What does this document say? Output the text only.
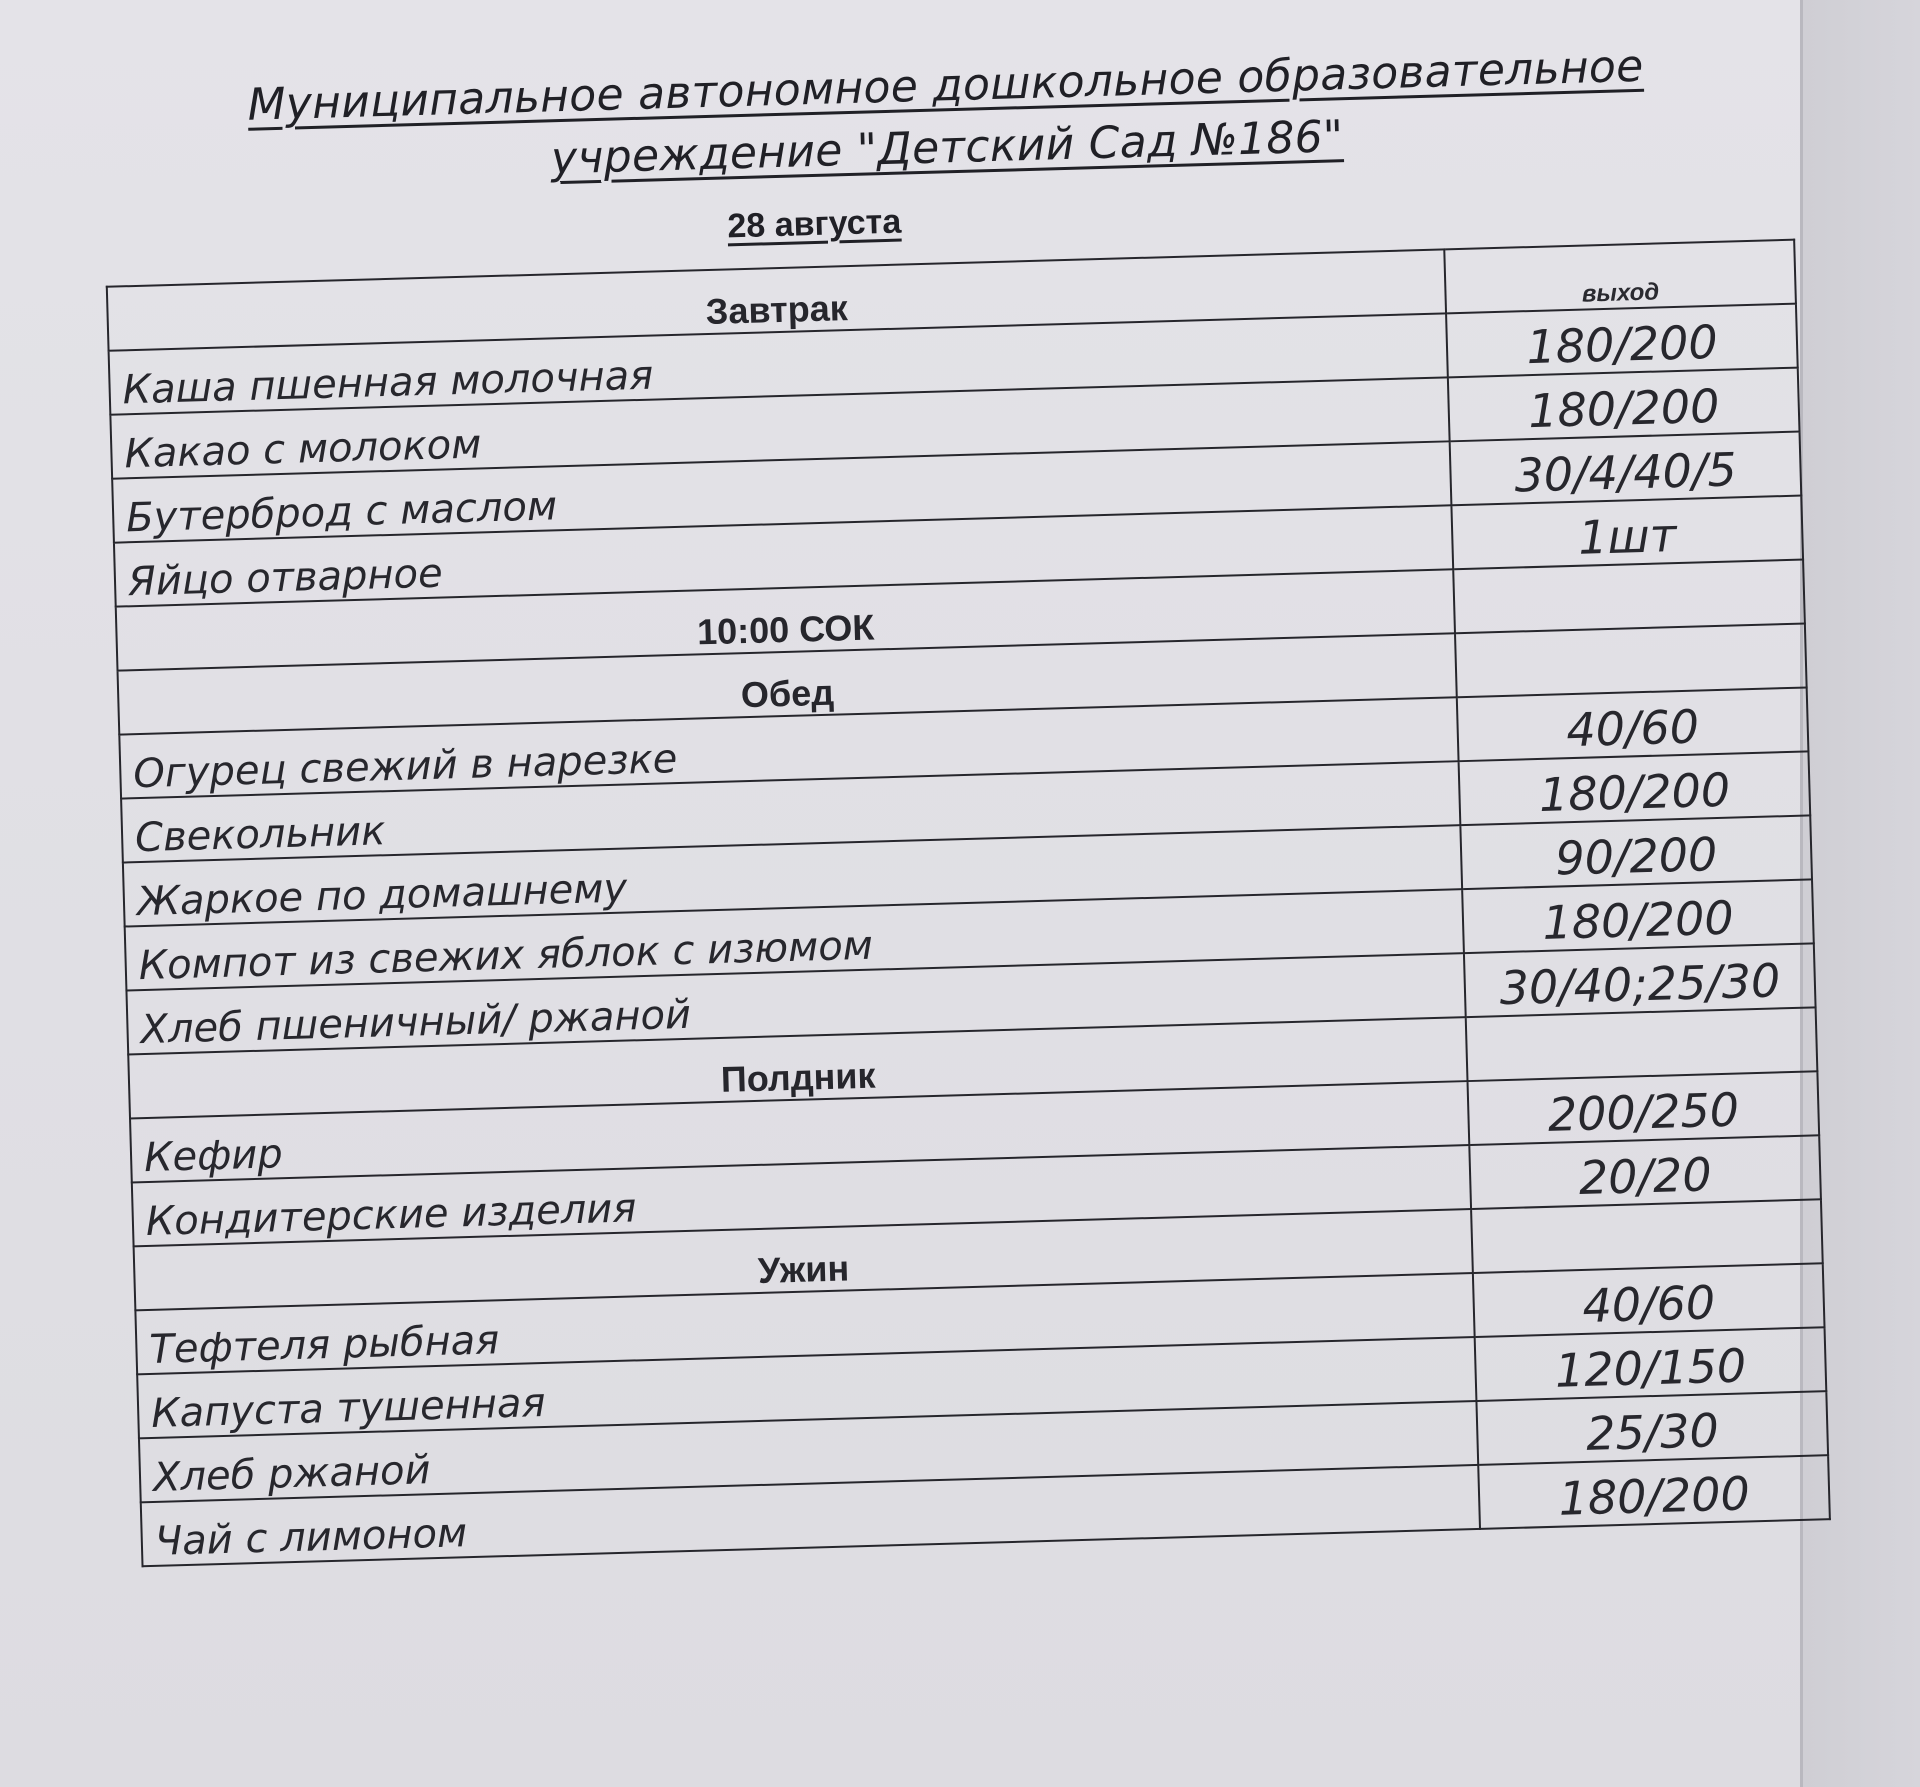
Муниципальное автономное дошкольное образовательное
учреждение "Детский Сад №186"
28 августа
Завтрак	выход
Каша пшенная молочная	180/200
Какао с молоком	180/200
Бутерброд с маслом	30/4/40/5
Яйцо отварное	1шт
10:00 СОК	
Обед	
Огурец свежий в нарезке	40/60
Свекольник	180/200
Жаркое по домашнему	90/200
Компот из свежих яблок с изюмом	180/200
Хлеб пшеничный/ ржаной	30/40;25/30
Полдник	
Кефир	200/250
Кондитерские изделия	20/20
Ужин	
Тефтеля рыбная	40/60
Капуста тушенная	120/150
Хлеб ржаной	25/30
Чай с лимоном	180/200
